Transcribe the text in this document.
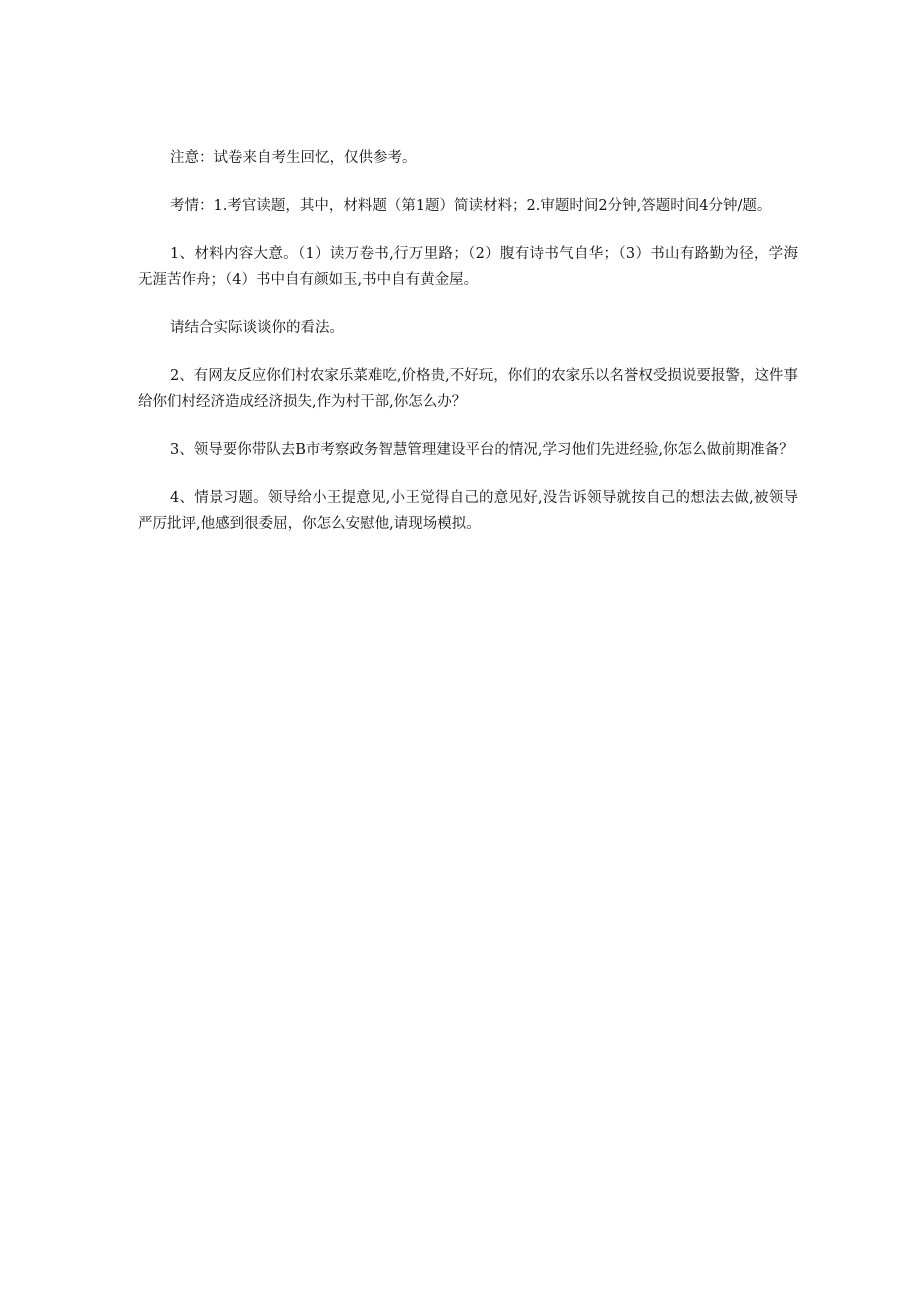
注意：试卷来自考生回忆，仅供参考。

考情：1.考官读题，其中，材料题（第1题）简读材料；2.审题时间2分钟,答题时间4分钟/题。

1、材料内容大意。（1）读万卷书,行万里路；（2）腹有诗书气自华；（3）书山有路勤为径，学海无涯苦作舟；（4）书中自有颜如玉,书中自有黄金屋。

请结合实际谈谈你的看法。

2、有网友反应你们村农家乐菜难吃,价格贵,不好玩，你们的农家乐以名誉权受损说要报警，这件事给你们村经济造成经济损失,作为村干部,你怎么办？

3、领导要你带队去B市考察政务智慧管理建设平台的情况,学习他们先进经验,你怎么做前期准备？

4、情景习题。领导给小王提意见,小王觉得自己的意见好,没告诉领导就按自己的想法去做,被领导严厉批评,他感到很委屈，你怎么安慰他,请现场模拟。
